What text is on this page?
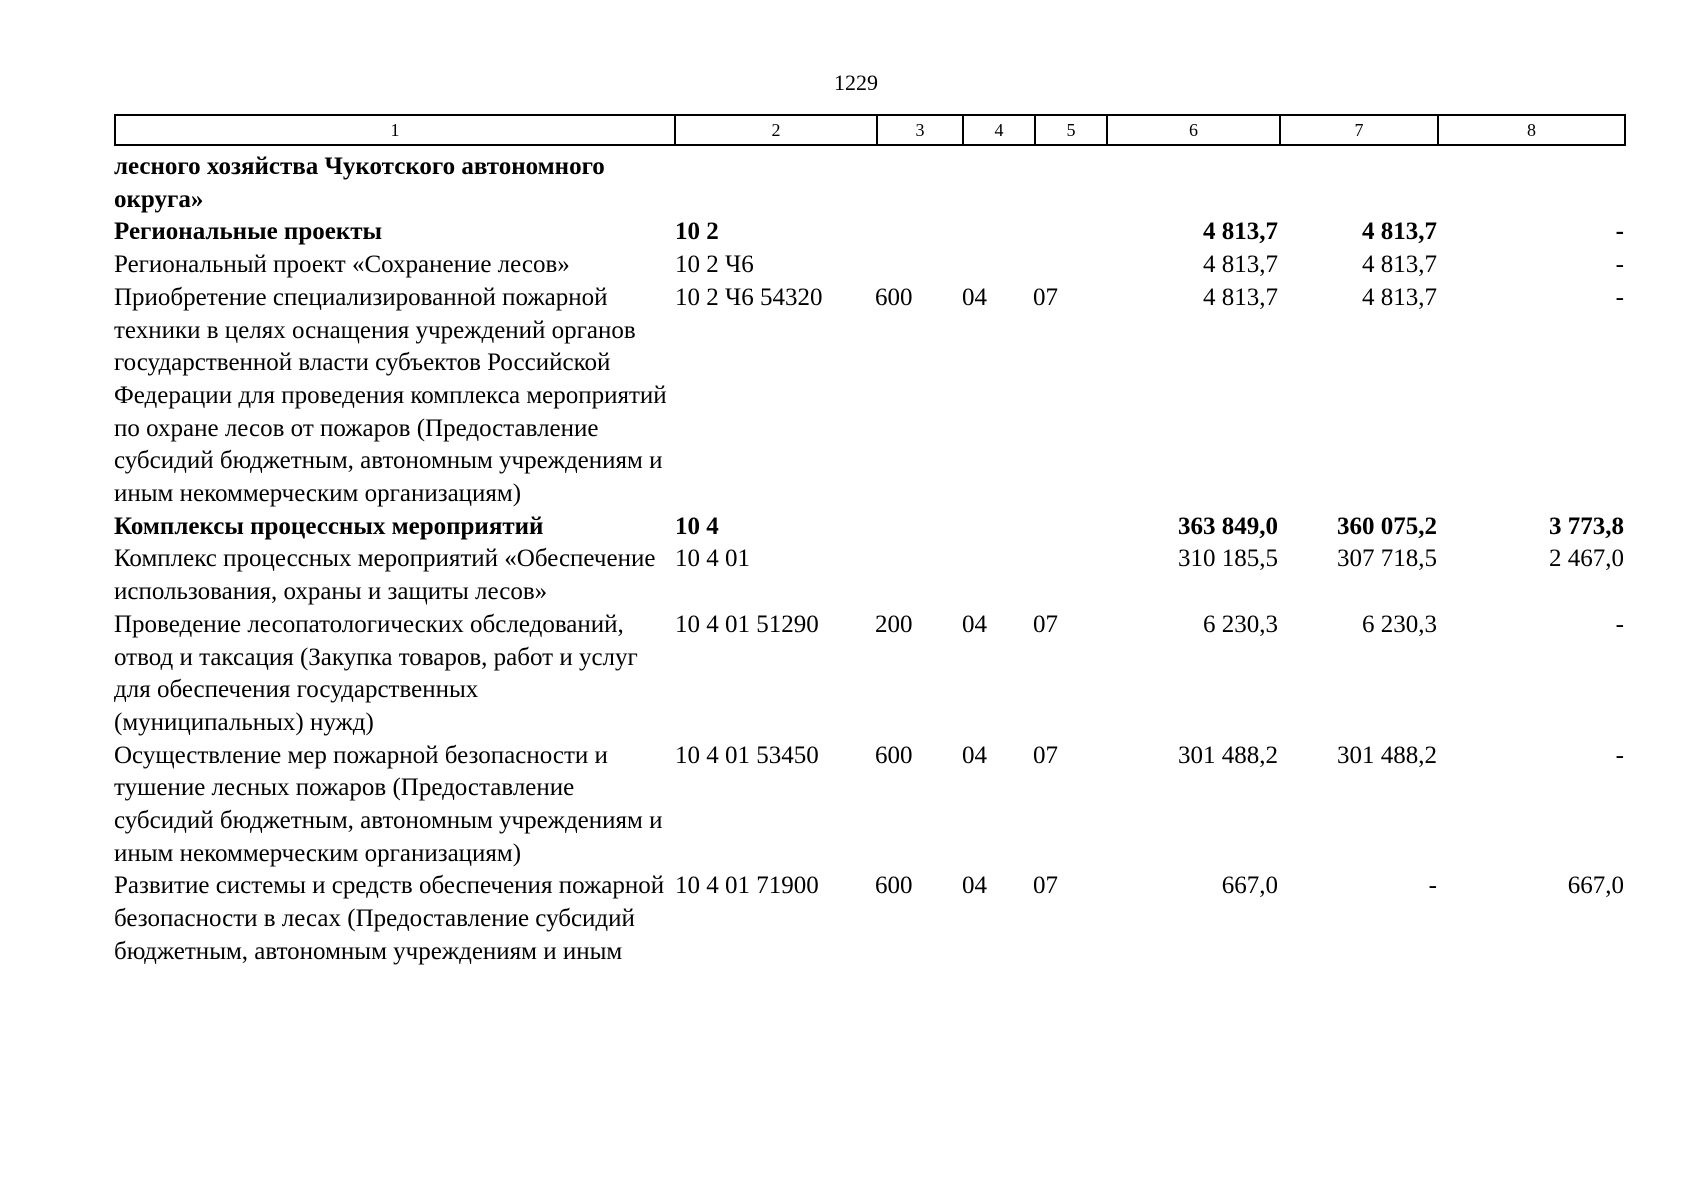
1229
1	2	3	4	5	6	7	8
лесного хозяйства Чукотского автономного округа»							
Региональные проекты	10 2				4 813,7	4 813,7	-
Региональный проект «Сохранение лесов»	10 2 Ч6				4 813,7	4 813,7	-
Приобретение специализированной пожарной техники в целях оснащения учреждений органов государственной власти субъектов Российской Федерации для проведения комплекса мероприятий по охране лесов от пожаров (Предоставление субсидий бюджетным, автономным учреждениям и иным некоммерческим организациям)	10 2 Ч6 54320	600	04	07	4 813,7	4 813,7	-
Комплексы процессных мероприятий	10 4				363 849,0	360 075,2	3 773,8
Комплекс процессных мероприятий «Обеспечение использования, охраны и защиты лесов»	10 4 01				310 185,5	307 718,5	2 467,0
Проведение лесопатологических обследований, отвод и таксация (Закупка товаров, работ и услуг для обеспечения государственных (муниципальных) нужд)	10 4 01 51290	200	04	07	6 230,3	6 230,3	-
Осуществление мер пожарной безопасности и тушение лесных пожаров (Предоставление субсидий бюджетным, автономным учреждениям и иным некоммерческим организациям)	10 4 01 53450	600	04	07	301 488,2	301 488,2	-
Развитие системы и средств обеспечения пожарной безопасности в лесах (Предоставление субсидий бюджетным, автономным учреждениям и иным	10 4 01 71900	600	04	07	667,0	-	667,0
